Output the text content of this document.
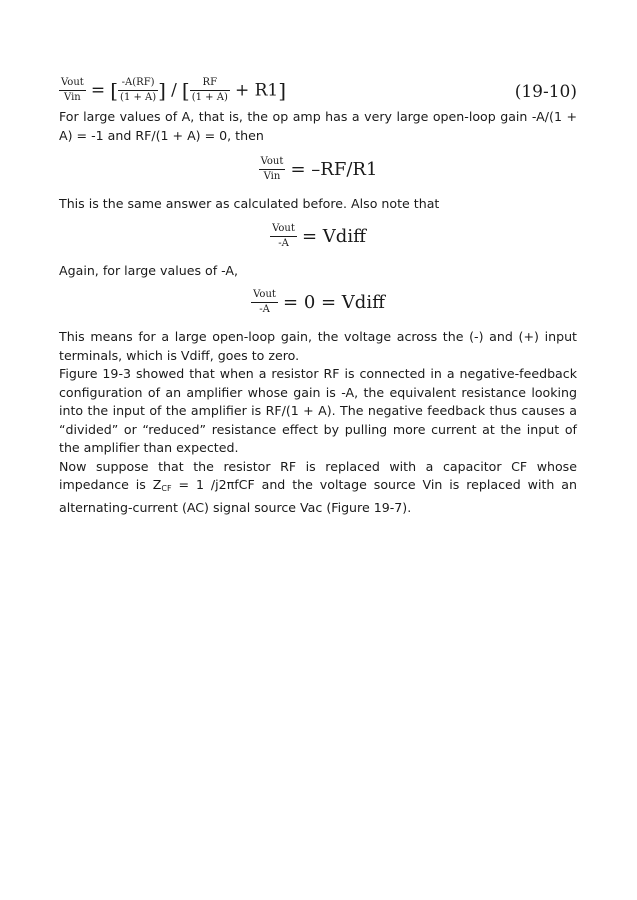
$\frac{\text{Vout}}{\text{Vin}}$ = [ $\frac{-A(RF)}{(1 + A)}$ ] / [ $\frac{RF}{(1 + A)} + R1$]	(19-10)

For large values of A, that is, the op amp has a very large open-loop gain -A/(1 + A) = -1 and RF/(1 + A) = 0, then

$\frac{\text{Vout}}{\text{Vin}} = -RF/R1$

This is the same answer as calculated before. Also note that

$\frac{\text{Vout}}{-A}$ = Vdiff

Again, for large values of -A,

$\frac{\text{Vout}}{-A} = 0$ = Vdiff

This means for a large open-loop gain, the voltage across the (-) and (+) input terminals, which is Vdiff, goes to zero.

Figure 19-3 showed that when a resistor RF is connected in a negative-feedback configuration of an amplifier whose gain is -A, the equivalent resistance looking into the input of the amplifier is RF/(1 + A). The negative feedback thus causes a “divided” or “reduced” resistance effect by pulling more current at the input of the amplifier than expected.

Now suppose that the resistor RF is replaced with a capacitor CF whose impedance is $Z_{CF} = 1$ /j2πfCF and the voltage source Vin is replaced with an alternating-current (AC) signal source Vac (Figure 19-7).
